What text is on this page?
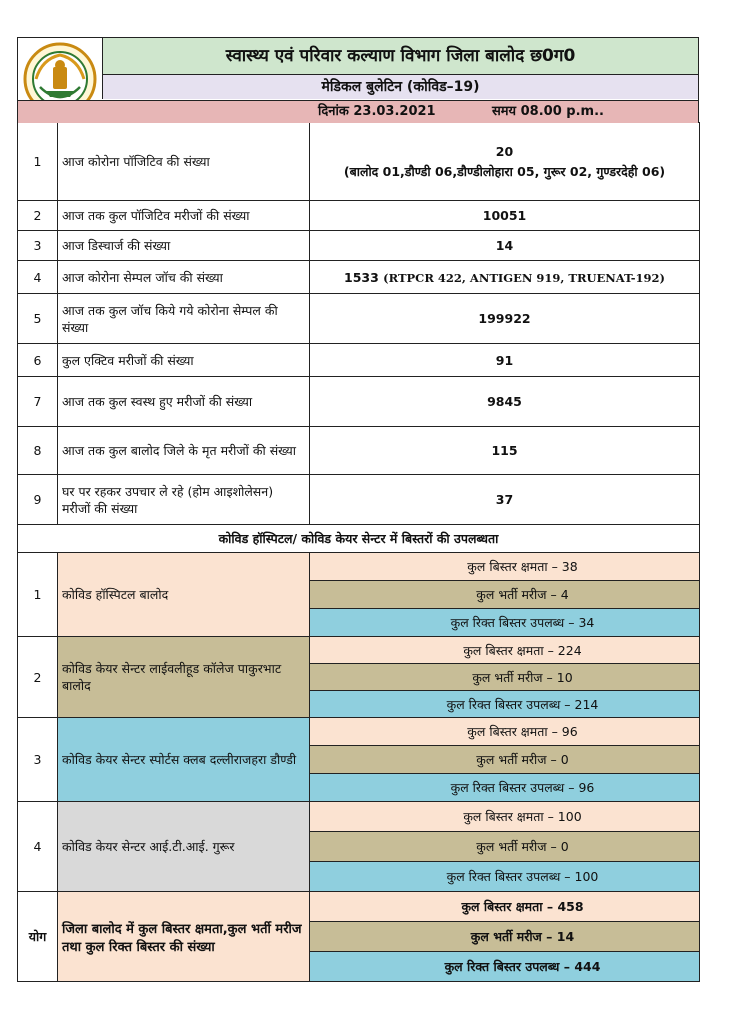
स्वास्थ्य एवं परिवार कल्याण विभाग जिला बालोद छ0ग0
मेडिकल बुलेटिन (कोविड–19)
दिनांक 23.03.2021	समय 08.00 p.m..
1	आज कोरोना पॉजिटिव की संख्या	20
(बालोद 01,डौण्डी 06,डौण्डीलोहारा 05, गुरूर 02, गुण्डरदेही 06)

2	आज तक कुल पॉजिटिव मरीजों की संख्या	10051
3	आज डिस्चार्ज की संख्या	14
4	आज कोरोना सेम्पल जॉच की संख्या	1533 (RTPCR 422, ANTIGEN 919, TRUENAT-192)
5	आज तक कुल जॉच किये गये कोरोना सेम्पल की संख्या	199922
6	कुल एक्टिव मरीजों की संख्या	91
7	आज तक कुल स्वस्थ हुए मरीजों की संख्या	9845
8	आज तक कुल बालोद जिले के मृत मरीजों की संख्या	115
9	घर पर रहकर उपचार ले रहे (होम आइशोलेसन) मरीजों की संख्या	37
कोविड हॉस्पिटल/ कोविड केयर सेन्टर में बिस्तरों की उपलब्धता		
1	कोविड हॉस्पिटल बालोद	कुल बिस्तर क्षमता – 38
		कुल भर्ती मरीज – 4
		कुल रिक्त बिस्तर उपलब्ध – 34
2	कोविड केयर सेन्टर लाईवलीहूड कॉलेज पाकुरभाट बालोद	कुल बिस्तर क्षमता – 224
		कुल भर्ती मरीज – 10
		कुल रिक्त बिस्तर उपलब्ध – 214
3	कोविड केयर सेन्टर स्पोर्टस क्लब दल्लीराजहरा डौण्डी	कुल बिस्तर क्षमता – 96
		कुल भर्ती मरीज – 0
		कुल रिक्त बिस्तर उपलब्ध – 96
4	कोविड केयर सेन्टर आई.टी.आई. गुरूर	कुल बिस्तर क्षमता – 100
		कुल भर्ती मरीज – 0
		कुल रिक्त बिस्तर उपलब्ध – 100
योग	जिला बालोद में कुल बिस्तर क्षमता,कुल भर्ती मरीज तथा कुल रिक्त बिस्तर की संख्या	कुल बिस्तर क्षमता – 458
		कुल भर्ती मरीज – 14
		कुल रिक्त बिस्तर उपलब्ध – 444
